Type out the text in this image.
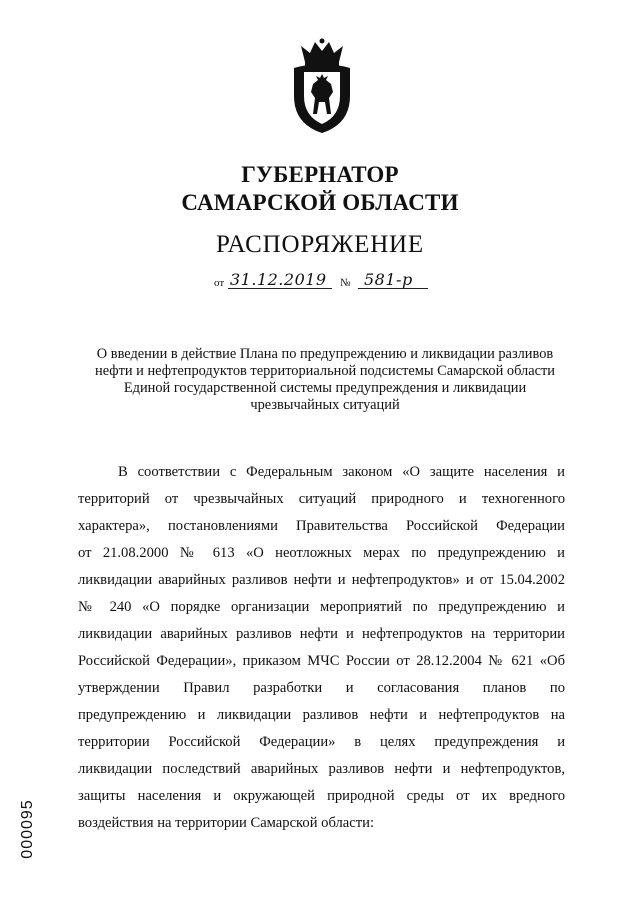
ГУБЕРНАТОР
САМАРСКОЙ ОБЛАСТИ
РАСПОРЯЖЕНИЕ
от 31.12.2019 № 581-р
О введении в действие Плана по предупреждению и ликвидации разливов
нефти и нефтепродуктов территориальной подсистемы Самарской области
Единой государственной системы предупреждения и ликвидации
чрезвычайных ситуаций
В соответствии с Федеральным законом «О защите населения и
территорий от чрезвычайных ситуаций природного и техногенного
характера», постановлениями Правительства Российской Федерации
от 21.08.2000 № 613 «О неотложных мерах по предупреждению и
ликвидации аварийных разливов нефти и нефтепродуктов» и от 15.04.2002
№ 240 «О порядке организации мероприятий по предупреждению и
ликвидации аварийных разливов нефти и нефтепродуктов на территории
Российской Федерации», приказом МЧС России от 28.12.2004 № 621 «Об
утверждении Правил разработки и согласования планов по
предупреждению и ликвидации разливов нефти и нефтепродуктов на
территории Российской Федерации» в целях предупреждения и
ликвидации последствий аварийных разливов нефти и нефтепродуктов,
защиты населения и окружающей природной среды от их вредного
воздействия на территории Самарской области:
000095
